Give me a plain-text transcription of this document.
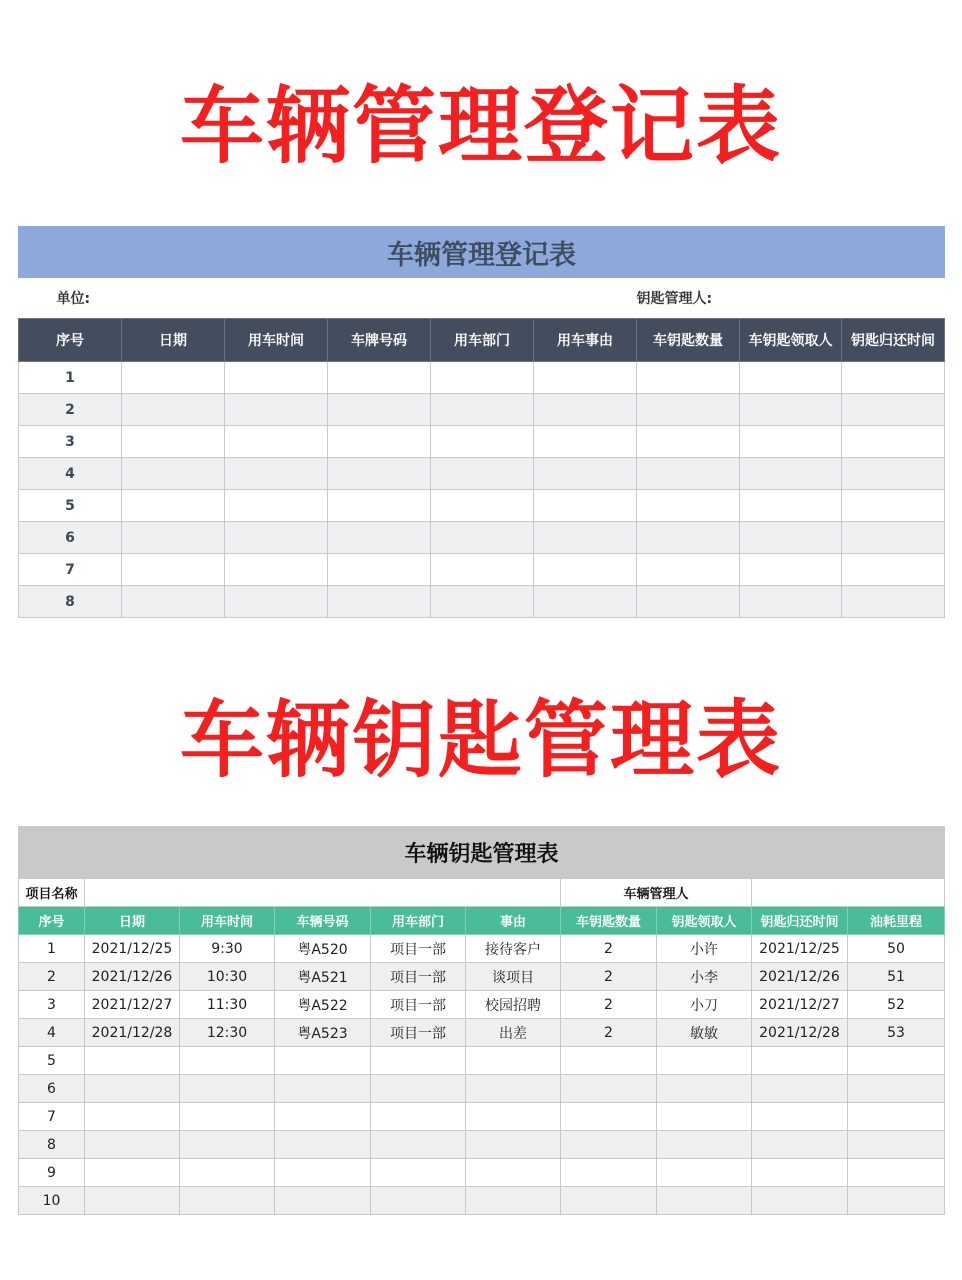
车辆管理登记表
车辆管理登记表								
单位:						钥匙管理人:		
序号	日期	用车时间	车牌号码	用车部门	用车事由	车钥匙数量	车钥匙领取人	钥匙归还时间
1								
2								
3								
4								
5								
6								
7								
8								
车辆钥匙管理表
车辆钥匙管理表									
项目名称						车辆管理人			
序号	日期	用车时间	车辆号码	用车部门	事由	车钥匙数量	钥匙领取人	钥匙归还时间	油耗里程
1	2021/12/25	9:30	粤A520	项目一部	接待客户	2	小许	2021/12/25	50
2	2021/12/26	10:30	粤A521	项目一部	谈项目	2	小李	2021/12/26	51
3	2021/12/27	11:30	粤A522	项目一部	校园招聘	2	小刀	2021/12/27	52
4	2021/12/28	12:30	粤A523	项目一部	出差	2	敏敏	2021/12/28	53
5									
6									
7									
8									
9									
10									
